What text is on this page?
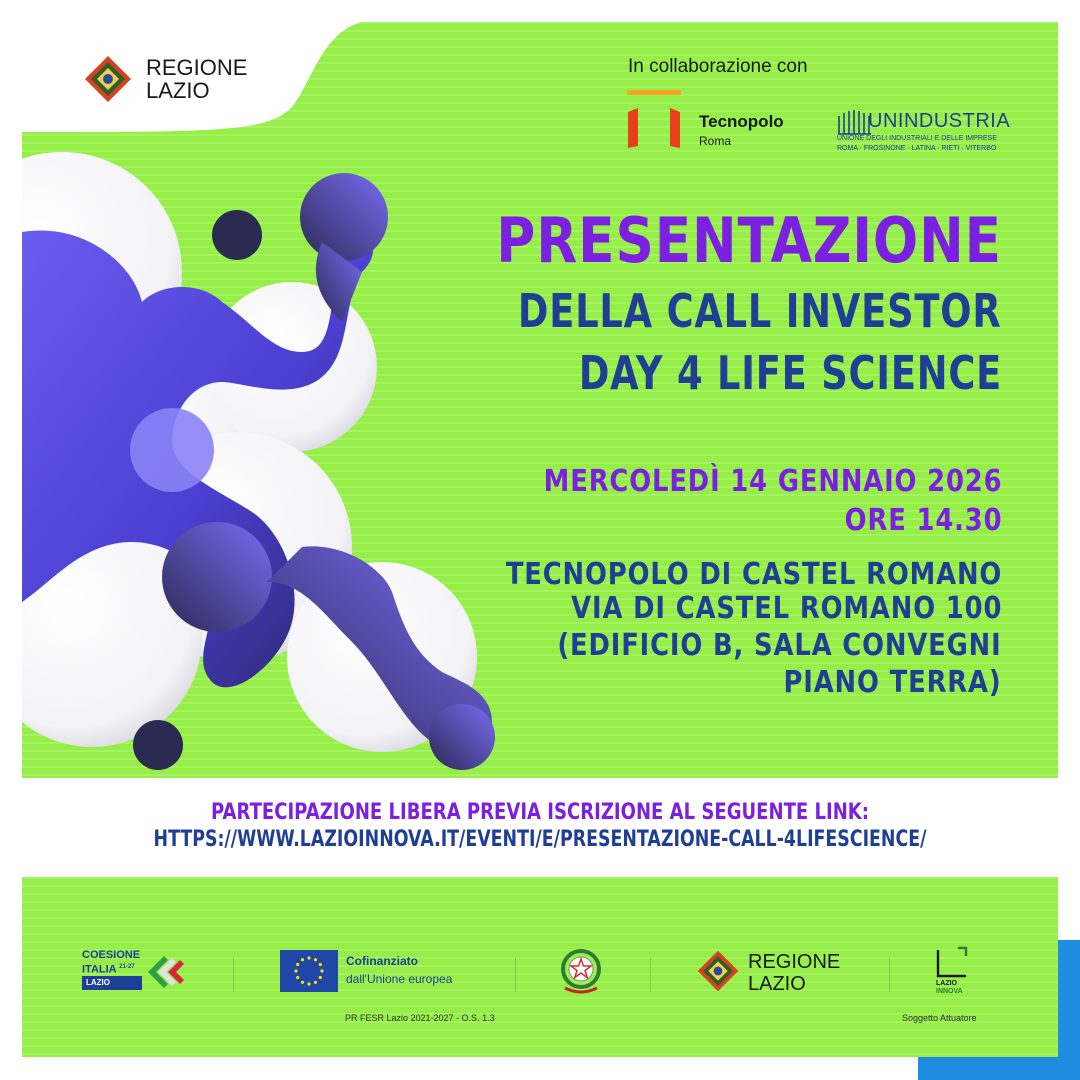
REGIONE
LAZIO
In collaborazione con
Tecnopolo
Roma
UNINDUSTRIA
UNIONE DEGLI INDUSTRIALI E DELLE IMPRESE
ROMA · FROSINONE · LATINA · RIETI · VITERBO
PRESENTAZIONE
DELLA CALL INVESTOR
DAY 4 LIFE SCIENCE
MERCOLEDÌ 14 GENNAIO 2026
ORE 14.30
TECNOPOLO DI CASTEL ROMANO
VIA DI CASTEL ROMANO 100
(EDIFICIO B, SALA CONVEGNI
PIANO TERRA)
PARTECIPAZIONE LIBERA PREVIA ISCRIZIONE AL SEGUENTE LINK:
HTTPS://WWW.LAZIOINNOVA.IT/EVENTI/E/PRESENTAZIONE-CALL-4LIFESCIENCE/
COESIONE
ITALIA $^{21-27}$
LAZIO
Cofinanziato
dall'Unione europea
REGIONE
LAZIO	LAZIO
INNOVA
PR FESR Lazio 2021-2027 - O.S. 1.3	Soggetto Attuatore
